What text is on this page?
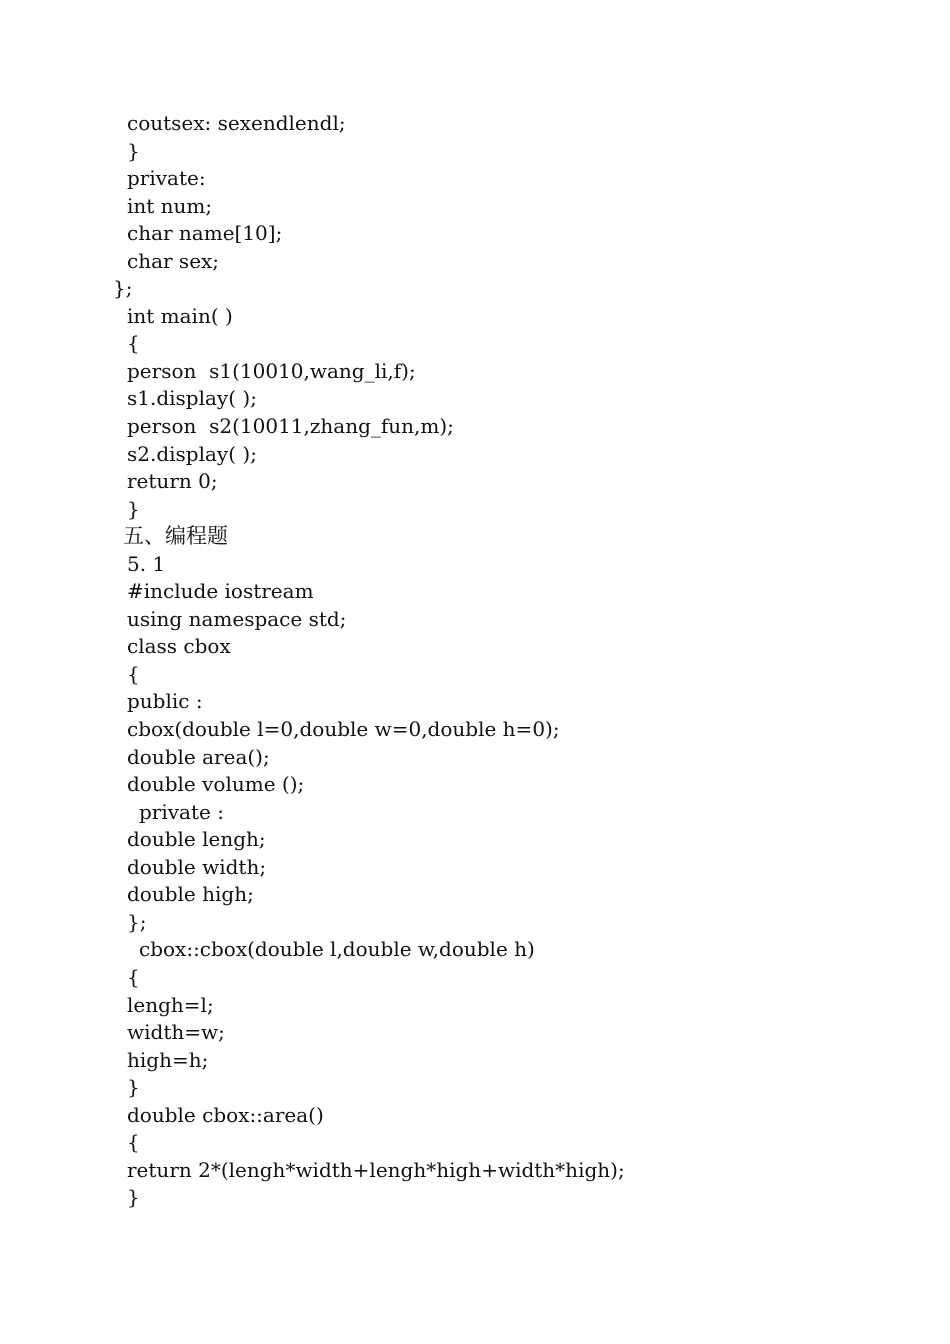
coutsex: sexendlendl;
}
private:
int num;
char name[10];
char sex;
};
int main( )
{
person  s1(10010,wang_li,f);
s1.display( );
person  s2(10011,zhang_fun,m);
s2.display( );
return 0;
}
五、编程题
5. 1
#include iostream
using namespace std;
class cbox
{
public :
cbox(double l=0,double w=0,double h=0);
double area();
double volume ();
private :
double lengh;
double width;
double high;
};
cbox::cbox(double l,double w,double h)
{
lengh=l;
width=w;
high=h;
}
double cbox::area()
{
return 2*(lengh*width+lengh*high+width*high);
}
